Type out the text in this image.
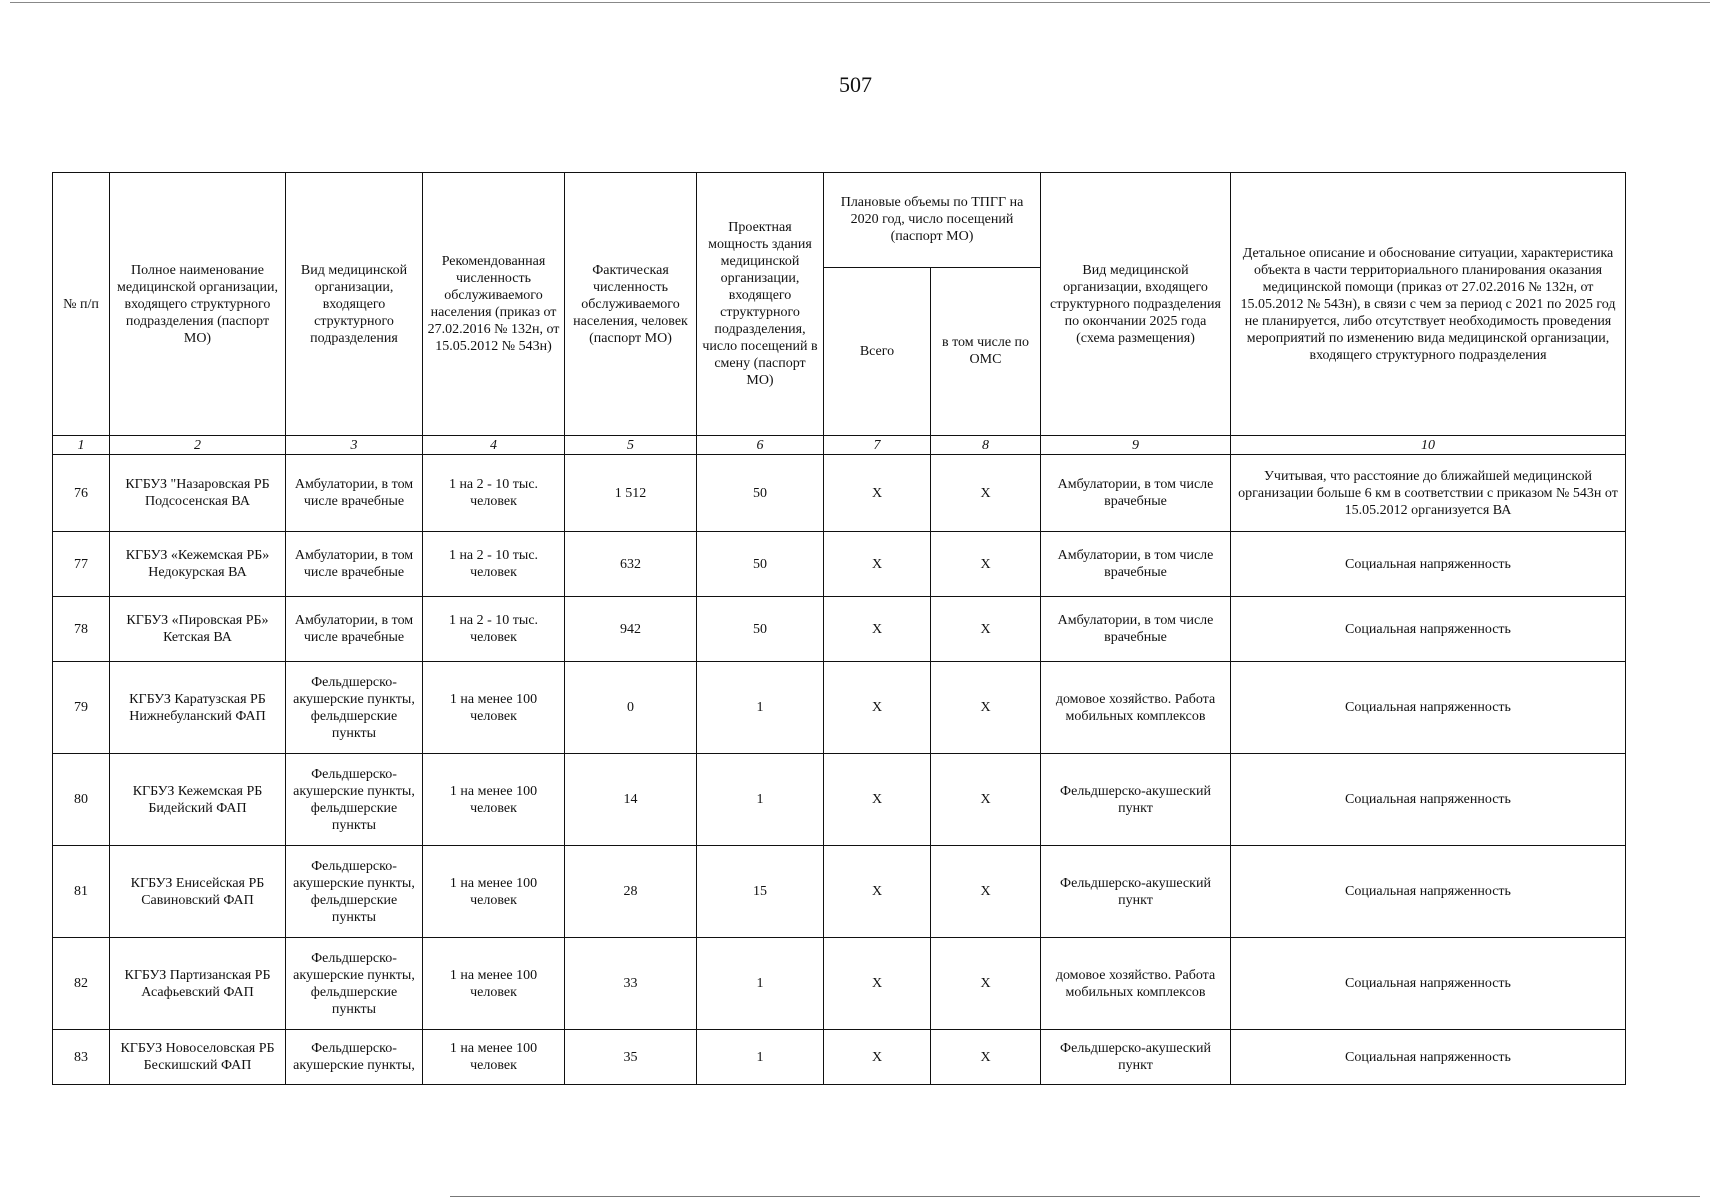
507
№ п/п	Полное наименование медицинской организации, входящего структурного подразделения (паспорт МО)	Вид медицинской организации, входящего структурного подразделения	Рекомендованная численность обслуживаемого населения (приказ от 27.02.2016 № 132н, от 15.05.2012 № 543н)	Фактическая численность обслуживаемого населения, человек (паспорт МО)	Проектная мощность здания медицинской организации, входящего структурного подразделения, число посещений в смену (паспорт МО)	Плановые объемы по ТПГГ на 2020 год, число посещений (паспорт МО)		Вид медицинской организации, входящего структурного подразделения по окончании 2025 года (схема размещения)	Детальное описание и обоснование ситуации, характеристика объекта в части территориального планирования оказания медицинской помощи (приказ от 27.02.2016 № 132н, от 15.05.2012 № 543н), в связи с чем за период с 2021 по 2025 год не планируется, либо отсутствует необходимость проведения мероприятий по изменению вида медицинской организации, входящего структурного подразделения
						Всего	в том числе по ОМС		
1	2	3	4	5	6	7	8	9	10
76	КГБУЗ "Назаровская РБ Подсосенская ВА	Амбулатории, в том числе врачебные	1 на 2 - 10 тыс. человек	1 512	50	X	X	Амбулатории, в том числе врачебные	Учитывая, что расстояние до ближайшей медицинской организации больше 6 км в соответствии с приказом № 543н от 15.05.2012 организуется ВА
77	КГБУЗ «Кежемская РБ» Недокурская ВА	Амбулатории, в том числе врачебные	1 на 2 - 10 тыс. человек	632	50	X	X	Амбулатории, в том числе врачебные	Социальная напряженность
78	КГБУЗ «Пировская РБ» Кетская ВА	Амбулатории, в том числе врачебные	1 на 2 - 10 тыс. человек	942	50	X	X	Амбулатории, в том числе врачебные	Социальная напряженность
79	КГБУЗ Каратузская РБ Нижнебуланский ФАП	Фельдшерско-акушерские пункты, фельдшерские пункты	1 на менее 100 человек	0	1	X	X	домовое хозяйство. Работа мобильных комплексов	Социальная напряженность
80	КГБУЗ Кежемская РБ Бидейский ФАП	Фельдшерско-акушерские пункты, фельдшерские пункты	1 на менее 100 человек	14	1	X	X	Фельдшерско-акушеский пункт	Социальная напряженность
81	КГБУЗ Енисейская РБ Савиновский ФАП	Фельдшерско-акушерские пункты, фельдшерские пункты	1 на менее 100 человек	28	15	X	X	Фельдшерско-акушеский пункт	Социальная напряженность
82	КГБУЗ Партизанская РБ Асафьевский ФАП	Фельдшерско-акушерские пункты, фельдшерские пункты	1 на менее 100 человек	33	1	X	X	домовое хозяйство. Работа мобильных комплексов	Социальная напряженность
83	КГБУЗ Новоселовская РБ Бескишский ФАП	Фельдшерско-акушерские пункты,	1 на менее 100 человек	35	1	X	X	Фельдшерско-акушеский пункт	Социальная напряженность
